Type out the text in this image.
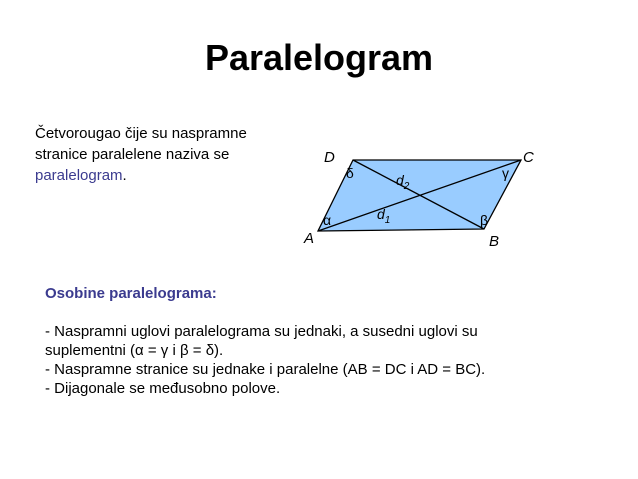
Paralelogram
Četvorougao čije su naspramne stranice paralelene naziva se paralelogram.
D	C
A	B
δ	γ
α	β
$d_2$
$d_1$
Osobine paralelograma:
- Naspramni uglovi paralelograma su jednaki, a susedni uglovi su
suplementni (α = γ i β = δ).
- Naspramne stranice su jednake i paralelne (AB = DC i AD = BC).
- Dijagonale se međusobno polove.
